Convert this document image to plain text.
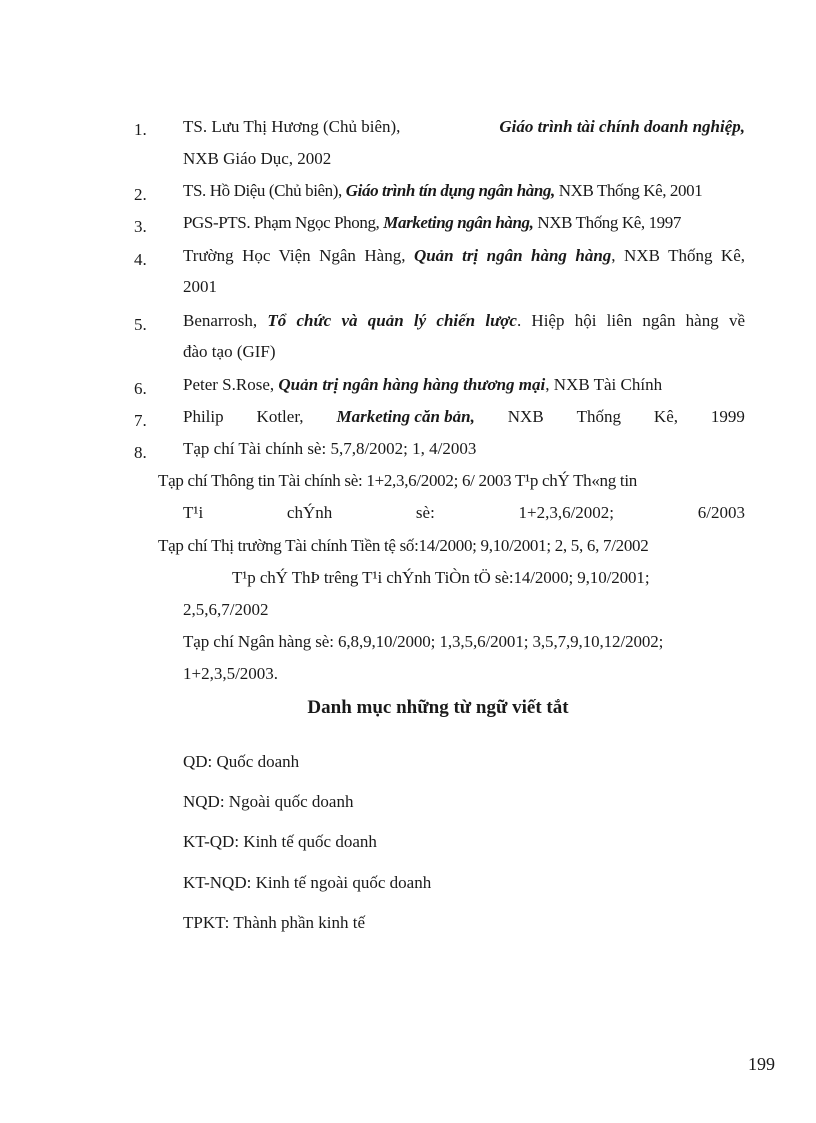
1. TS. Lưu Thị Hương (Chủ biên),	Giáo trình tài chính doanh nghiệp,
NXB Giáo Dục, 2002
2. TS. Hồ Diệu (Chủ biên), Giáo trình tín dụng ngân hàng, NXB Thống Kê, 2001
3. PGS-PTS. Phạm Ngọc Phong, Marketing ngân hàng, NXB Thống Kê, 1997
4. Trường Học Viện Ngân Hàng, Quản trị ngân hàng hàng, NXB Thống Kê,
2001
5. Benarrosh, Tổ chức và quản lý chiến lược. Hiệp hội liên ngân hàng về
đào tạo (GIF)
6. Peter S.Rose, Quản trị ngân hàng hàng thương mại, NXB Tài Chính
7. Philip Kotler, Marketing căn bản, NXB Thống Kê, 1999
8. Tạp chí Tài chính sè: 5,7,8/2002; 1, 4/2003
Tạp chí Thông tin Tài chính sè: 1+2,3,6/2002; 6/ 2003 T¹p chÝ Th«ng tin
T¹i	chÝnh	sè:	1+2,3,6/2002;	6/2003
Tạp chí Thị trường Tài chính Tiền tệ số:14/2000; 9,10/2001; 2, 5, 6, 7/2002
T¹p chÝ ThÞ trêng T¹i chÝnh TiÒn tÖ sè:14/2000; 9,10/2001;
2,5,6,7/2002
Tạp chí Ngân hàng sè: 6,8,9,10/2000; 1,3,5,6/2001; 3,5,7,9,10,12/2002;
1+2,3,5/2003.
Danh mục những từ ngữ viết tắt
QD: Quốc doanh
NQD: Ngoài quốc doanh
KT-QD: Kinh tế quốc doanh
KT-NQD: Kinh tế ngoài quốc doanh
TPKT: Thành phần kinh tế
199
